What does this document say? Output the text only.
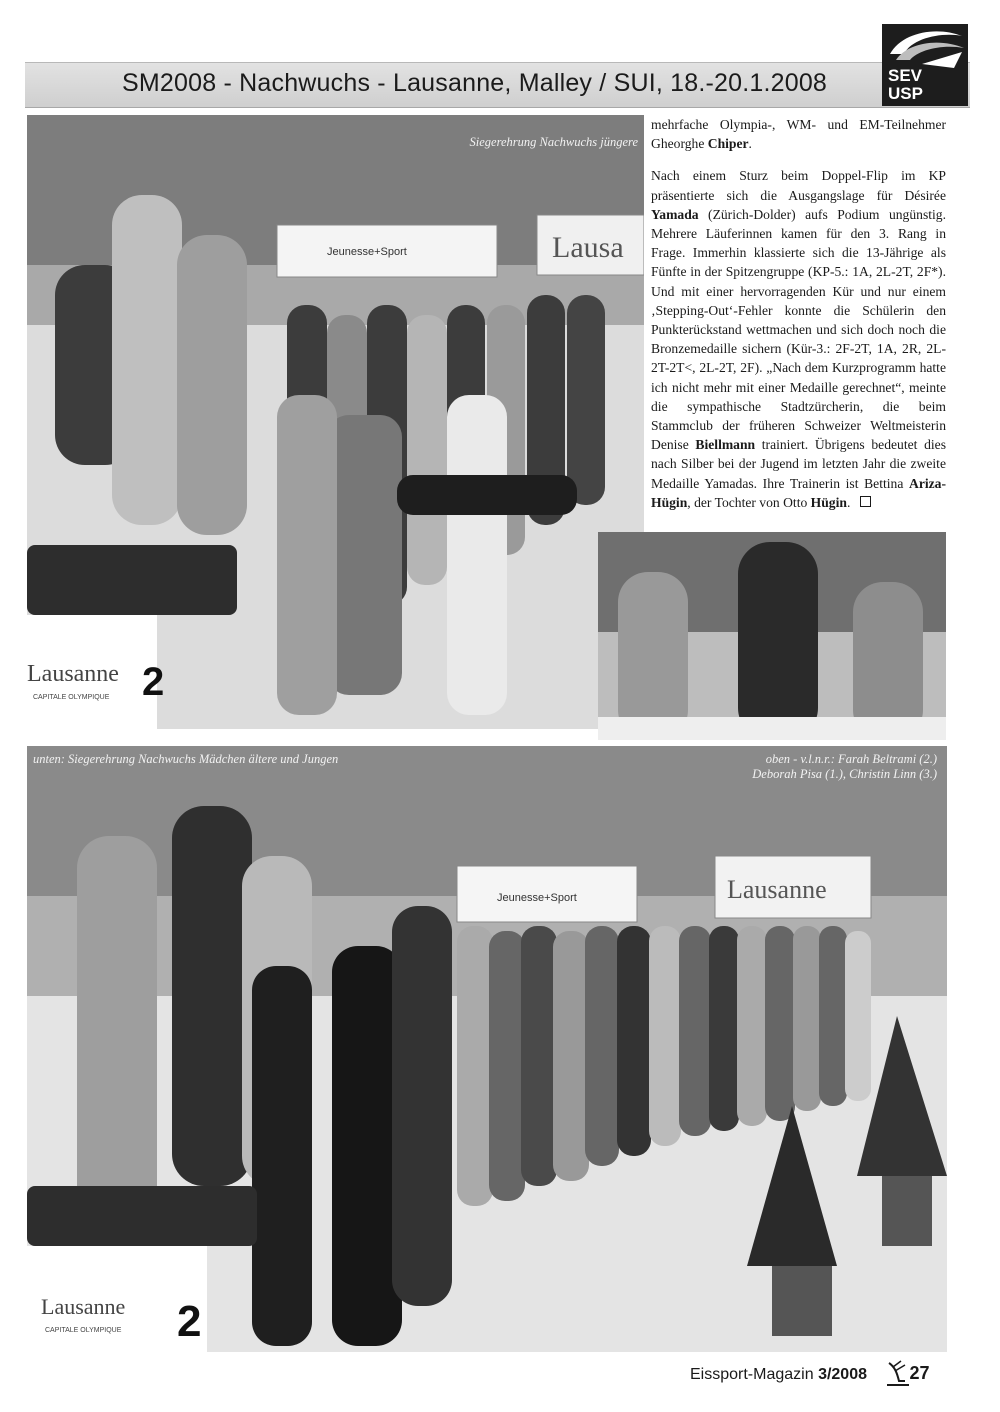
SM2008 - Nachwuchs - Lausanne, Malley / SUI, 18.-20.1.2008	SEV
USP
Lausa
Jeunesse+Sport
Lausanne
CAPITALE OLYMPIQUE 2
Siegerehrung Nachwuchs jüngere

mehrfache Olympia-, WM- und EM-Teilnehmer Gheorghe Chiper.

Nach einem Sturz beim Doppel-Flip im KP präsentierte sich die Ausgangslage für Désirée Yamada (Zürich-Dolder) aufs Podium ungünstig. Mehrere Läuferinnen kamen für den 3. Rang in Frage. Immerhin klassierte sich die 13-Jährige als Fünfte in der Spitzengruppe (KP-5.: 1A, 2L-2T, 2F*). Und mit einer hervorragenden Kür und nur einem ‚Stepping-Out‘-Fehler konnte die Schülerin den Punkterückstand wettmachen und sich doch noch die Bronzemedaille sichern (Kür-3.: 2F-2T, 1A, 2R, 2L-2T-2T<, 2L-2T, 2F). „Nach dem Kurzprogramm hatte ich nicht mehr mit einer Medaille gerechnet“, meinte die sympathische Stadtzürcherin, die beim Stammclub der früheren Schweizer Weltmeisterin Denise Biellmann trainiert. Übrigens bedeutet dies nach Silber bei der Jugend im letzten Jahr die zweite Medaille Yamadas. Ihre Trainerin ist Bettina Ariza-Hügin, der Tochter von Otto Hügin.

Jeunesse+Sport	Lausanne
Lausanne
CAPITALE OLYMPIQUE 2
unten: Siegerehrung Nachwuchs Mädchen ältere und Jungen	oben - v.l.n.r.: Farah Beltrami (2.)
Deborah Pisa (1.), Christin Linn (3.)
Eissport-Magazin 3/2008 27
